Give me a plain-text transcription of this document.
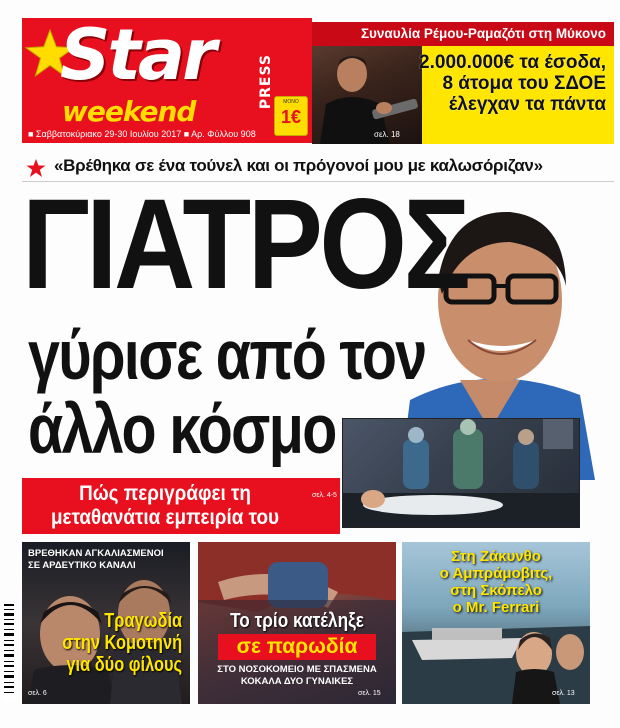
Star
weekend
PRESS
■ Σαββατοκύριακο 29-30 Ιουλίου 2017 ■ Αρ. Φύλλου 908
ΜΟΝΟ
1€
Συναυλία Ρέμου-Ραμαζότι στη Μύκονο
2.000.000€ τα έσοδα,
8 άτομα του ΣΔΟΕ
έλεγχαν τα πάντα
σελ. 18
«Βρέθηκα σε ένα τούνελ και οι πρόγονοί μου με καλωσόριζαν»
ΓΙΑΤΡΟΣ
γύρισε από τον
άλλο κόσμο
Πώς περιγράφει τη
μεταθανάτια εμπειρία του
σελ. 4-5
ΒΡΕΘΗΚΑΝ ΑΓΚΑΛΙΑΣΜΕΝΟΙ
ΣΕ ΑΡΔΕΥΤΙΚΟ ΚΑΝΑΛΙ
Τραγωδία
στην Κομοτηνή
για δύο φίλους
σελ. 6
Το τρίο κατέληξε
σε παρωδία
ΣΤΟ ΝΟΣΟΚΟΜΕΙΟ ΜΕ ΣΠΑΣΜΕΝΑ
ΚΟΚΑΛΑ ΔΥΟ ΓΥΝΑΙΚΕΣ
σελ. 15
Στη Ζάκυνθο
ο Αμπράμοβιτς,
στη Σκόπελο
ο Mr. Ferrari
σελ. 13
